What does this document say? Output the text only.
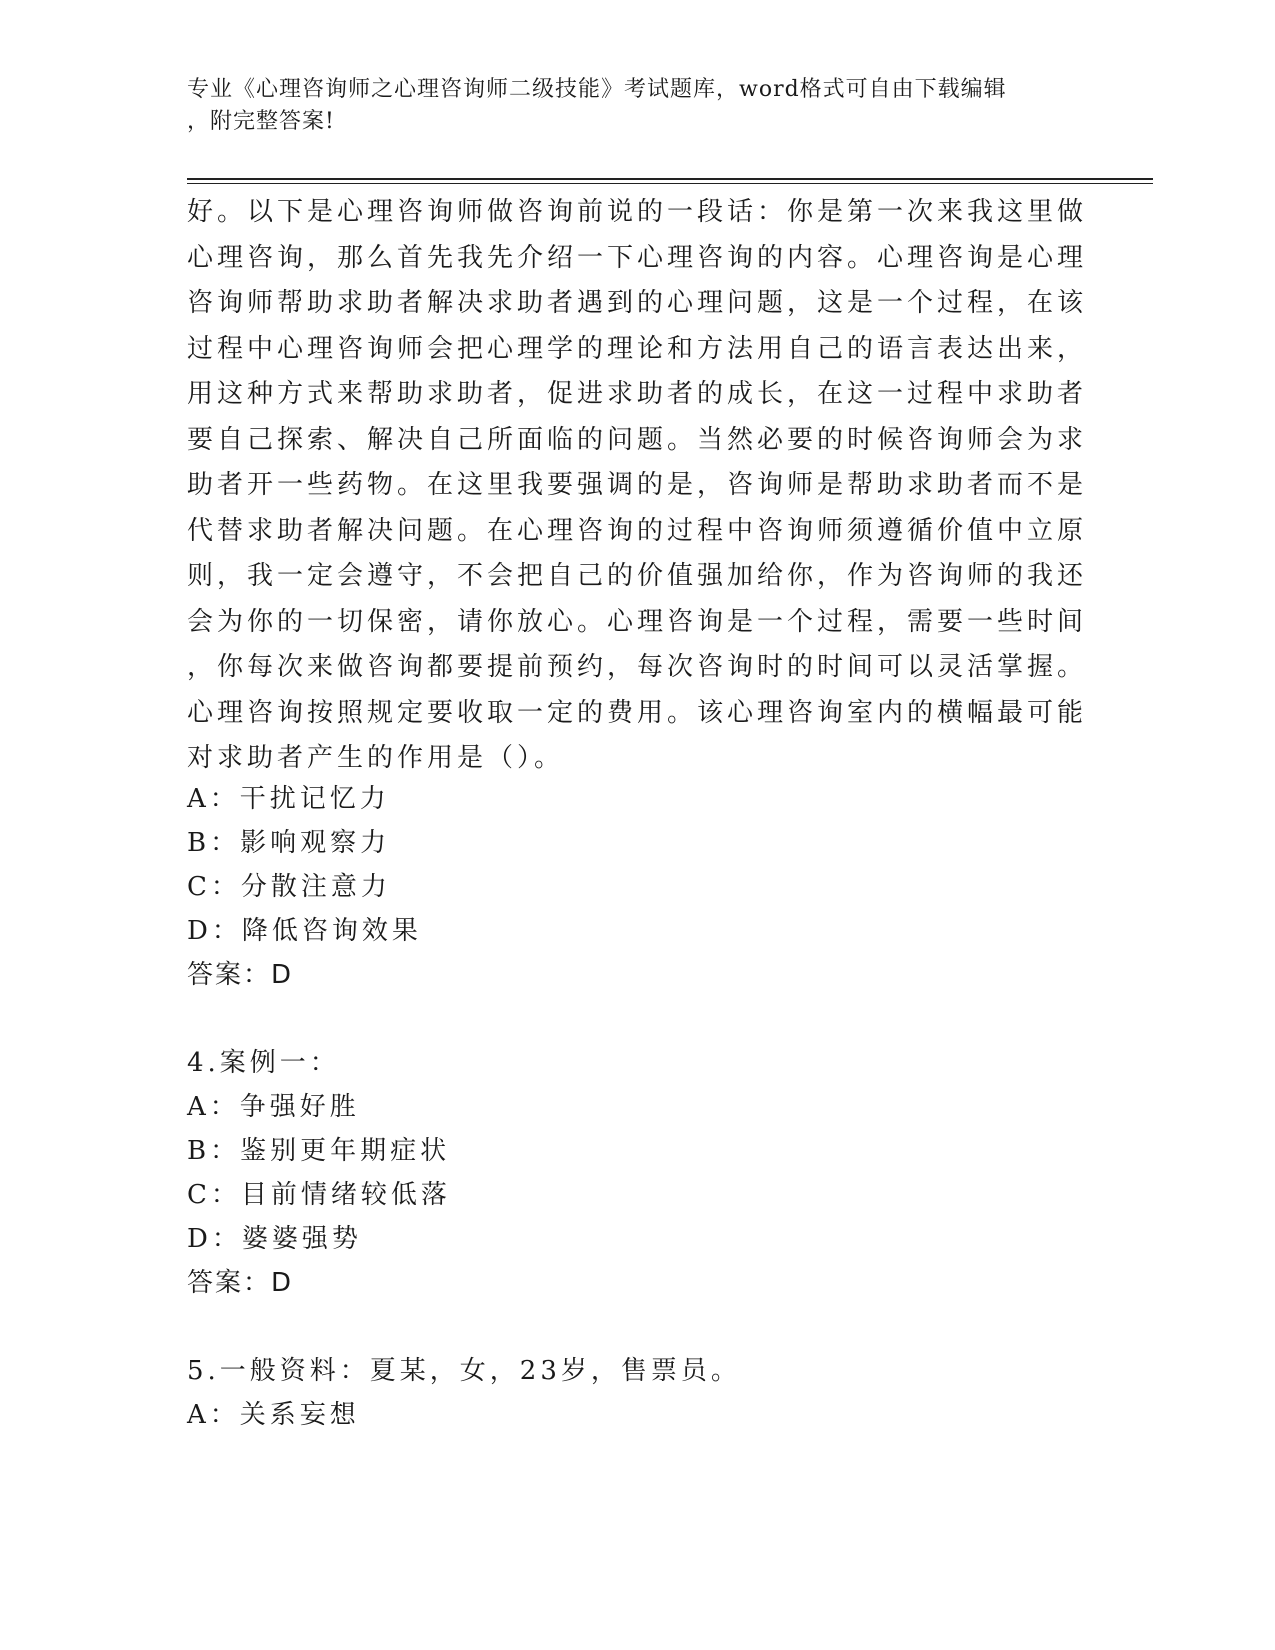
专业《心理咨询师之心理咨询师二级技能》考试题库，word格式可自由下载编辑
，附完整答案!
好。以下是心理咨询师做咨询前说的一段话：你是第一次来我这里做
心理咨询，那么首先我先介绍一下心理咨询的内容。心理咨询是心理
咨询师帮助求助者解决求助者遇到的心理问题，这是一个过程，在该
过程中心理咨询师会把心理学的理论和方法用自己的语言表达出来，
用这种方式来帮助求助者，促进求助者的成长，在这一过程中求助者
要自己探索、解决自己所面临的问题。当然必要的时候咨询师会为求
助者开一些药物。在这里我要强调的是，咨询师是帮助求助者而不是
代替求助者解决问题。在心理咨询的过程中咨询师须遵循价值中立原
则，我一定会遵守，不会把自己的价值强加给你，作为咨询师的我还
会为你的一切保密，请你放心。心理咨询是一个过程，需要一些时间
，你每次来做咨询都要提前预约，每次咨询时的时间可以灵活掌握。
心理咨询按照规定要收取一定的费用。该心理咨询室内的横幅最可能
对求助者产生的作用是（）。
A：干扰记忆力
B：影响观察力
C：分散注意力
D：降低咨询效果
答案：D
4.案例一：
A：争强好胜
B：鉴别更年期症状
C：目前情绪较低落
D：婆婆强势
答案：D
5.一般资料：夏某，女，23岁，售票员。
A：关系妄想
